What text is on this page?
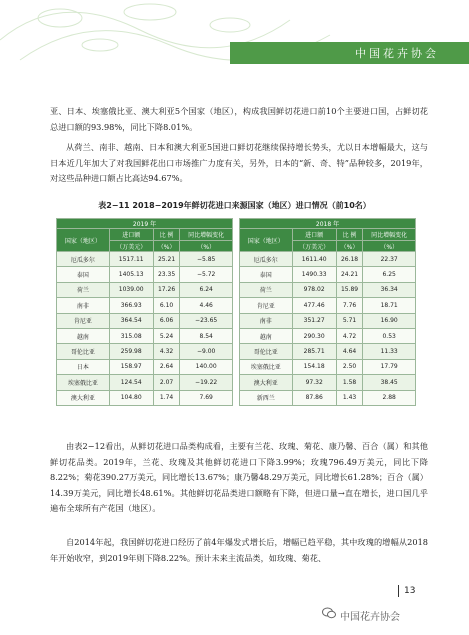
中国花卉协会

亚、日本、埃塞俄比亚、澳大利亚5个国家（地区），构成我国鲜切花进口前10个主要进口国，占鲜切花总进口额的93.98%，同比下降8.01%。

从荷兰、南非、越南、日本和澳大利亚5国进口鲜切花继续保持增长势头，尤以日本增幅最大，这与日本近几年加大了对我国鲜花出口市场推广力度有关，另外，日本的“新、奇、特”品种较多，2019年，对这些品种进口额占比高达94.67%。

表2−11 2018−2019年鲜切花进口来源国家（地区）进口情况（前10名）
2019 年					2018 年			
国家（地区）	进口额	比 例	同比增幅变化		国家（地区）	进口额	比 例	同比增幅变化
	（万美元）	（%）	（%）			（万美元）	（%）	（%）
厄瓜多尔	1517.11	25.21	−5.85		厄瓜多尔	1611.40	26.18	22.37
泰国	1405.13	23.35	−5.72		泰国	1490.33	24.21	6.25
荷兰	1039.00	17.26	6.24		荷兰	978.02	15.89	36.34
南非	366.93	6.10	4.46		肯尼亚	477.46	7.76	18.71
肯尼亚	364.54	6.06	−23.65		南非	351.27	5.71	16.90
越南	315.08	5.24	8.54		越南	290.30	4.72	0.53
哥伦比亚	259.98	4.32	−9.00		哥伦比亚	285.71	4.64	11.33
日本	158.97	2.64	140.00		埃塞俄比亚	154.18	2.50	17.79
埃塞俄比亚	124.54	2.07	−19.22		澳大利亚	97.32	1.58	38.45
澳大利亚	104.80	1.74	7.69		新西兰	87.86	1.43	2.88

由表2−12看出，从鲜切花进口品类构成看，主要有兰花、玫瑰、菊花、康乃馨、百合（属）和其他鲜切花品类。2019年，兰花、玫瑰及其他鲜切花进口下降3.99%；玫瑰796.49万美元，同比下降8.22%；菊花390.27万美元，同比增长13.67%；康乃馨48.29万美元，同比增长61.28%；百合（属）14.39万美元，同比增长48.61%。其他鲜切花品类进口额略有下降，但进口量→直在增长，进口国几乎遍布全球所有产花国（地区）。

自2014年起，我国鲜切花进口经历了前4年爆发式增长后，增幅已趋平稳，其中玫瑰的增幅从2018年开始收窄，到2019年则下降8.22%。预计未来主流品类，如玫瑰、菊花、

13
中国花卉协会
